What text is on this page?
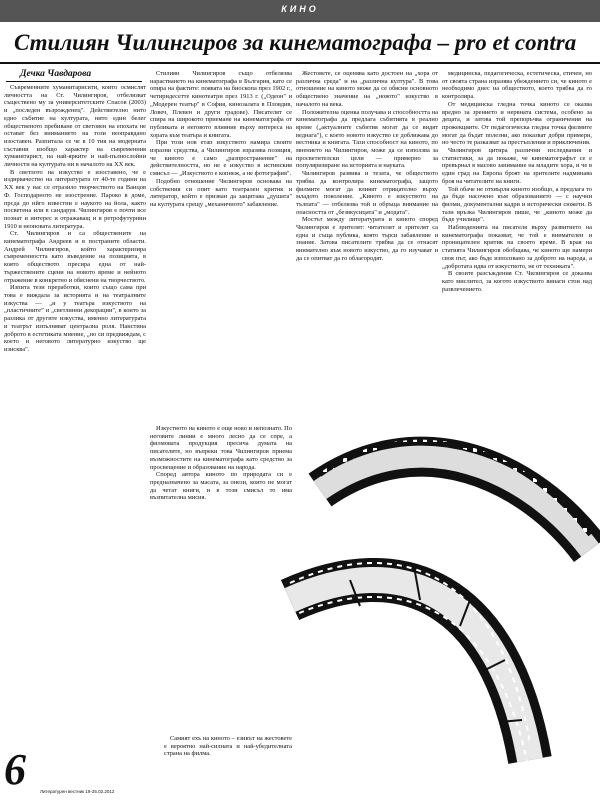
КИНО
Стилиян Чилингиров за кинематографа – pro et contra
Дечка Чавдарова

Съвременните хуманитарисити, които осмислят личността на Ст. Чилингиров, отбелязват съществено му за университетските Спасов (2003) и „последен възрожденец". Действително нито едно събитие на културата, нито един белег общественото пребиване от световен на епохата не остават без вниманието на този неоправдано изоставен. Разпитала се че в 10 тия на модерната съставни изобщо характер на съвременния хуманитарист, на най-ярките и най-пълнослойни личности на културата ни в началото на XX век.

В светлото на изкуство е изоставено, че е издирвачество на литературата от 40-те години на XX век у нас се отразило творчеството на Ванцов Ф. Господарното не изострение. Пароко в доме, прсда до нйго известни е наукото на йола, както посветена или в сандаруя. Чилингиров е почти все познат и интерес и отражаващ и в ретрофутурнии 1910 и неоновата литература.

Ст. Чилингиров и са обществените на кинематографа Андреев и в постраните области. Андрей Чилингиров, който характеризира съвременността като въведение на позицията, в която обществото пресира една от най-тържествените сцени на новото време и нейното отражение в конкретно и обяснени на творчеството.

Изпита тези преработки, които също сама при това е виждала за историята и на театралните изкуства — „и у театъра изкуството на „пластичните” и „светлинни декорации", в които за разлика от другите изкуства, именно литературата и театрът изпълняват централна роля. Наистина доброто в естетиката мнение, „но си предвиждам, с което и неговото литературно изкуство ще изисква".

Стилиян Чилингиров също отбелязва нарастването на кинематографа в България, като се опира на фактите: появата на биоскопа през 1902 г., четиридесетте кинотеатри през 1913 г. („Одеон" и „Модерен театър" в София, кинозалата в Пловдив, Ловеч, Плевен и други градове). Писателят се спира на широкото приемане на кинематографа от публиката и неговото влияние върху интереса на хората към театъра и книгата.

При този нов етап изкуството намира своите изразни средства, а Чилингиров изразява позиция, че киното е само „разпространение" на действителността, но не е изкуство в истинския смисъл — „Изкуството е копнеж, а не фотография".

Подобно отношение Чилингиров основава на собствения си опит като театрален критик и литератор, който е призван да защитава „душата" на културата срещу „механичното" забавление.

Изкуството на киното е още ново и непознато. По неговите линии е много лесно да се спре, а филмовата продукция пресича думата на писателите, но въпреки това Чилингиров приема възможностите на кинематографа като средство за просвещение и образование на народа.

Според автора киното по природата си е предназначено за масата, за онези, които не могат да четат книги, и в този смисъл то има възпитателна мисия.

Самият ехъ на киното – езикът на жестовете е вероятно най-силната и най-убедителната страна на филма.

Жестовете, се оценява като достоен на „хора от различна среда" и на „различна култура". В това отношение на киното може да се обясни основното обществено значение на „новото" изкуство в началото на века.

Положителна оценка получава и способността на кинематографа да предлага събитията в реално време („актуалните събития могат да се видят веднага"), с което новото изкуство се доближава до вестника и книгата. Тази способност на киното, по мнението на Чилингиров, може да се използва за просветителски цели — примерно за популяризиране на историята и науката.

Чилингиров развива и тезата, че обществото трябва да контролира кинематографа, защото филмите могат да влияят отрицателно върху младото поколение. „Киното е изкуството на тълпата" — отбелязва той и обръща внимание на опасността от „безвкусицата" и „модата".

Мостът между литературата и киното според Чилингиров е зрителят: читателят и зрителят са една и съща публика, която търси забавление и знание. Затова писателите трябва да се отнасят внимателно към новото изкуство, да го изучават и да се опитват да го облагородят.

медицинска, педагогическа, естетическа, етичен, но от своята страна изразява убеждението си, че киното е необходимо днес на обществото, което трябва да го контролира.

От медицинска гледна точка киното се оказва вредно за зрението и нервната система, особено за децата, и затова той препоръчва ограничения на прожекциите. От педагогическа гледна точка филмите могат да бъдат полезни, ако показват добри примери, но често те разказват за престъпления и приключения.

Чилингиров цитира различни изследвания и статистики, за да покаже, че кинематографът се е превърнал в масово занимание на младите хора, и че в един град на Европа броят на зрителите надминава броя на читателите на книги.

Той обаче не отхвърля киното изобщо, а предлага то да бъде насочено към образованието — с научни филми, документални кадри и исторически сюжети. В тази връзка Чилингиров пише, че „киното може да бъде училище".

Наблюденията на писателя върху развитието на кинематографа показват, че той е внимателен и проницателен критик на своето време. В края на статията Чилингиров обобщава, че киното ще намери своя път, ако бъде използвано за доброто на народа, а „добротата идва от изкуството, не от техниката".

В своите разсъждения Ст. Чилингиров се доказва като мислител, за когото изкуството винаги стои над развлечението.

6	Литературен вестник 19-25.02.2012
